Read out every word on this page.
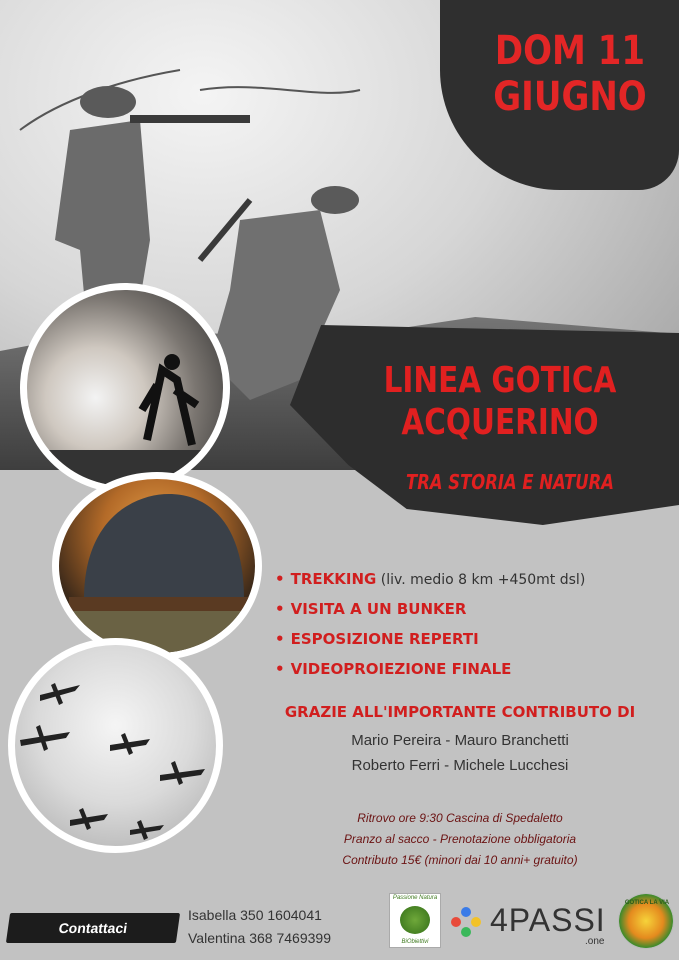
DOM 11
GIUGNO
LINEA GOTICA
ACQUERINO
TRA STORIA E NATURA
• TREKKING (liv. medio 8 km +450mt dsl)
• VISITA A UN BUNKER
• ESPOSIZIONE REPERTI
• VIDEOPROIEZIONE FINALE
GRAZIE ALL'IMPORTANTE CONTRIBUTO DI
Mario Pereira - Mauro Branchetti
Roberto Ferri - Michele Lucchesi
Ritrovo ore 9:30 Cascina di Spedaletto
Pranzo al sacco - Prenotazione obbligatoria
Contributo 15€ (minori dai 10 anni+ gratuito)
Contattaci
Isabella 350 1604041
Valentina 368 7469399
Passione Natura
BiObiettivi
4PASSI
.one
GOTICA LA VIA
